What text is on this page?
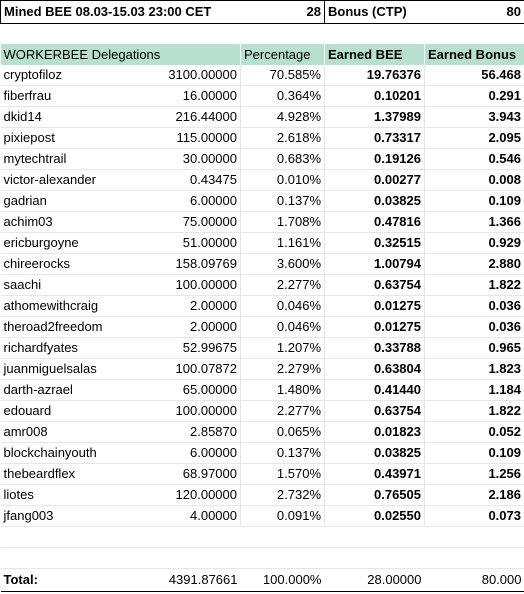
Mined BEE 08.03-15.03 23:00 CET		28	Bonus (CTP)	80

WORKERBEE Delegations		Percentage	Earned BEE	Earned Bonus
cryptofiloz	3100.00000	70.585%	19.76376	56.468
fiberfrau	16.00000	0.364%	0.10201	0.291
dkid14	216.44000	4.928%	1.37989	3.943
pixiepost	115.00000	2.618%	0.73317	2.095
mytechtrail	30.00000	0.683%	0.19126	0.546
victor-alexander	0.43475	0.010%	0.00277	0.008
gadrian	6.00000	0.137%	0.03825	0.109
achim03	75.00000	1.708%	0.47816	1.366
ericburgoyne	51.00000	1.161%	0.32515	0.929
chireerocks	158.09769	3.600%	1.00794	2.880
saachi	100.00000	2.277%	0.63754	1.822
athomewithcraig	2.00000	0.046%	0.01275	0.036
theroad2freedom	2.00000	0.046%	0.01275	0.036
richardfyates	52.99675	1.207%	0.33788	0.965
juanmiguelsalas	100.07872	2.279%	0.63804	1.823
darth-azrael	65.00000	1.480%	0.41440	1.184
edouard	100.00000	2.277%	0.63754	1.822
amr008	2.85870	0.065%	0.01823	0.052
blockchainyouth	6.00000	0.137%	0.03825	0.109
thebeardflex	68.97000	1.570%	0.43971	1.256
liotes	120.00000	2.732%	0.76505	2.186
jfang003	4.00000	0.091%	0.02550	0.073

Total:	4391.87661	100.000%	28.00000	80.000
